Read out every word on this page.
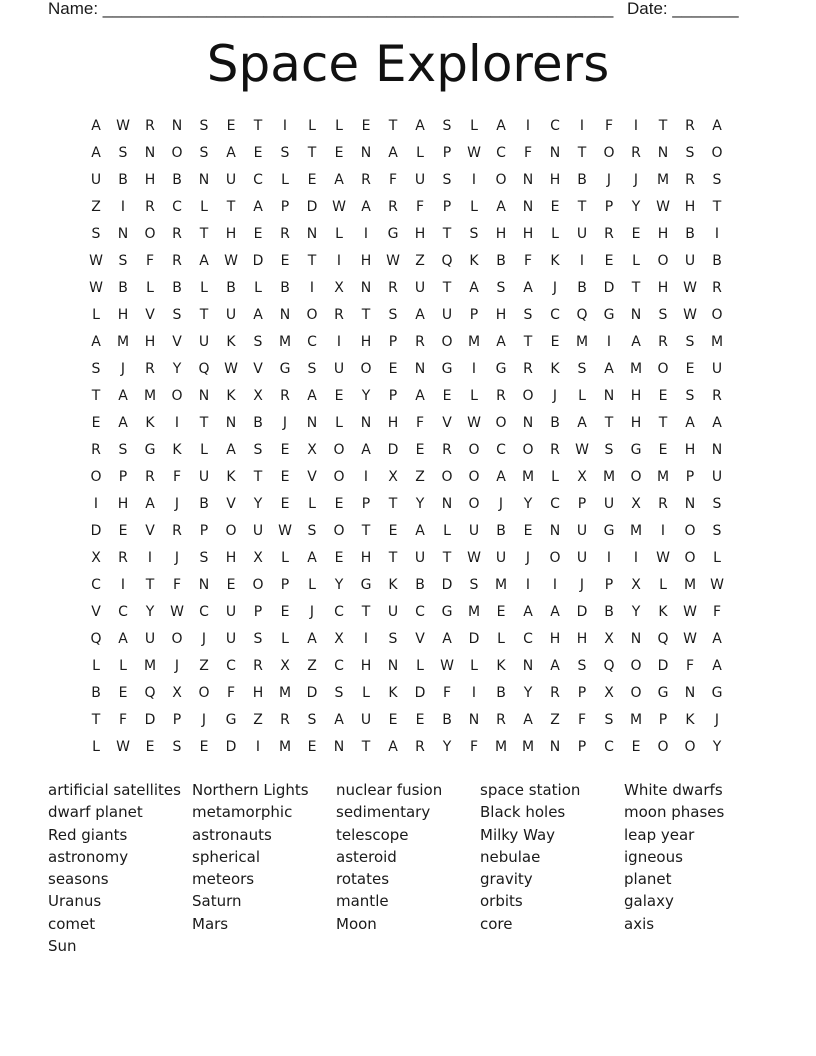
Name: ______________________________________________________ Date: _______
Space Explorers
A W R N S E T I L L E T A S L A I C I F I T R A
A S N O S A E S T E N A L P W C F N T O R N S O
U B H B N U C L E A R F U S I O N H B J J M R S
Z I R C L T A P D W A R F P L A N E T P Y W H T
S N O R T H E R N L I G H T S H H L U R E H B I
W S F R A W D E T I H W Z Q K B F K I E L O U B
W B L B L B L B I X N R U T A S A J B D T H W R
L H V S T U A N O R T S A U P H S C Q G N S W O
A M H V U K S M C I H P R O M A T E M I A R S M
S J R Y Q W V G S U O E N G I G R K S A M O E U
T A M O N K X R A E Y P A E L R O J L N H E S R
E A K I T N B J N L N H F V W O N B A T H T A A
R S G K L A S E X O A D E R O C O R W S G E H N
O P R F U K T E V O I X Z O O A M L X M O M P U
I H A J B V Y E L E P T Y N O J Y C P U X R N S
D E V R P O U W S O T E A L U B E N U G M I O S
X R I J S H X L A E H T U T W U J O U I I W O L
C I T F N E O P L Y G K B D S M I I J P X L M W
V C Y W C U P E J C T U C G M E A A D B Y K W F
Q A U O J U S L A X I S V A D L C H H X N Q W A
L L M J Z C R X Z C H N L W L K N A S Q O D F A
B E Q X O F H M D S L K D F I B Y R P X O G N G
T F D P J G Z R S A U E E B N R A Z F S M P K J
L W E S E D I M E N T A R Y F M M N P C E O O Y
artificial satellites
dwarf planet
Red giants
astronomy
seasons
Uranus
comet
Sun
Northern Lights
metamorphic
astronauts
spherical
meteors
Saturn
Mars
nuclear fusion
sedimentary
telescope
asteroid
rotates
mantle
Moon
space station
Black holes
Milky Way
nebulae
gravity
orbits
core
White dwarfs
moon phases
leap year
igneous
planet
galaxy
axis
